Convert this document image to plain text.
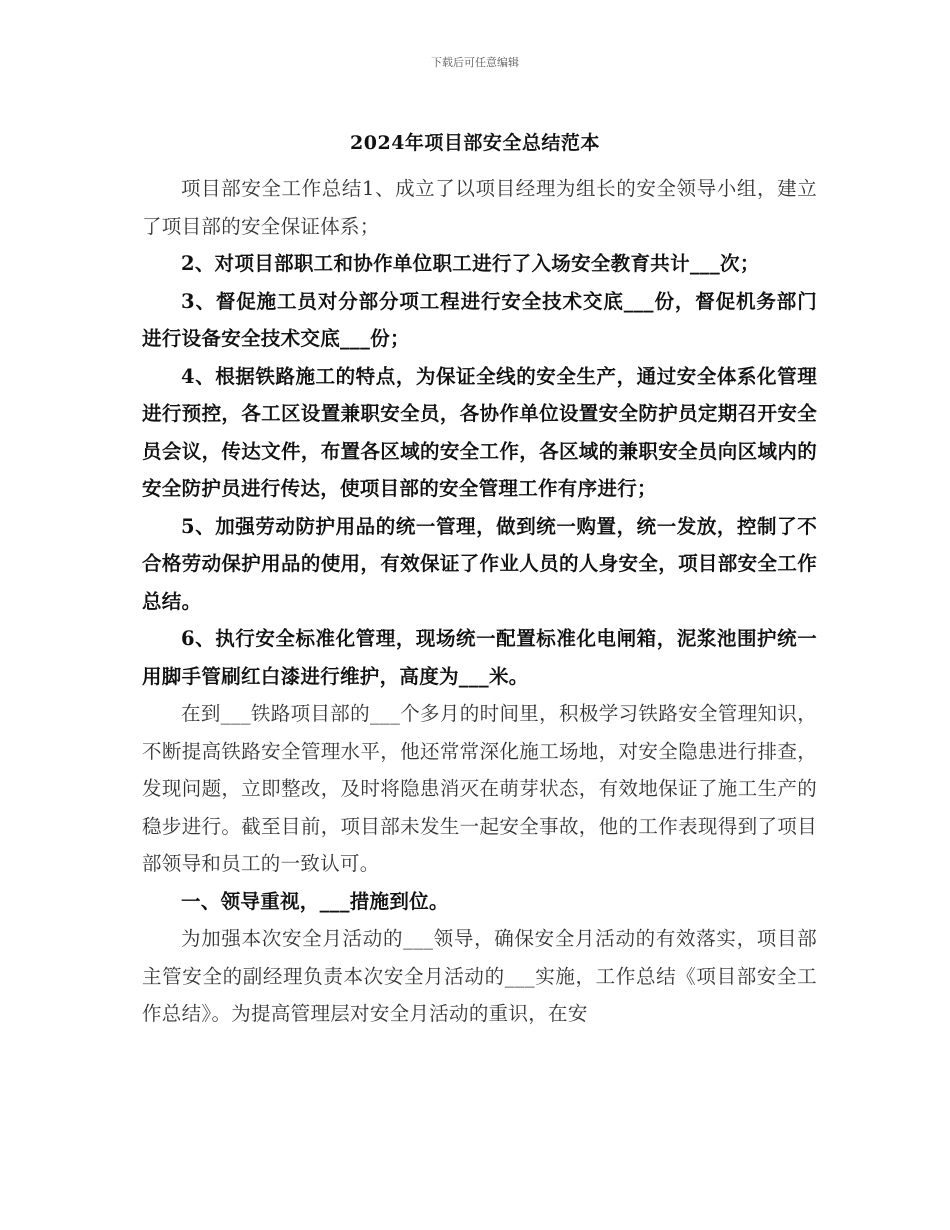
下载后可任意编辑
2024年项目部安全总结范本

项目部安全工作总结1、成立了以项目经理为组长的安全领导小组，建立了项目部的安全保证体系；

2、对项目部职工和协作单位职工进行了入场安全教育共计___次；

3、督促施工员对分部分项工程进行安全技术交底___份，督促机务部门进行设备安全技术交底___份；

4、根据铁路施工的特点，为保证全线的安全生产，通过安全体系化管理进行预控，各工区设置兼职安全员，各协作单位设置安全防护员定期召开安全员会议，传达文件，布置各区域的安全工作，各区域的兼职安全员向区域内的安全防护员进行传达，使项目部的安全管理工作有序进行；

5、加强劳动防护用品的统一管理，做到统一购置，统一发放，控制了不合格劳动保护用品的使用，有效保证了作业人员的人身安全，项目部安全工作总结。

6、执行安全标准化管理，现场统一配置标准化电闸箱，泥浆池围护统一用脚手管刷红白漆进行维护，高度为___米。

在到___铁路项目部的___个多月的时间里，积极学习铁路安全管理知识，不断提高铁路安全管理水平，他还常常深化施工场地，对安全隐患进行排查，发现问题，立即整改，及时将隐患消灭在萌芽状态，有效地保证了施工生产的稳步进行。截至目前，项目部未发生一起安全事故，他的工作表现得到了项目部领导和员工的一致认可。

一、领导重视，___措施到位。

为加强本次安全月活动的___领导，确保安全月活动的有效落实，项目部主管安全的副经理负责本次安全月活动的___实施，工作总结《项目部安全工作总结》。为提高管理层对安全月活动的重识，在安
